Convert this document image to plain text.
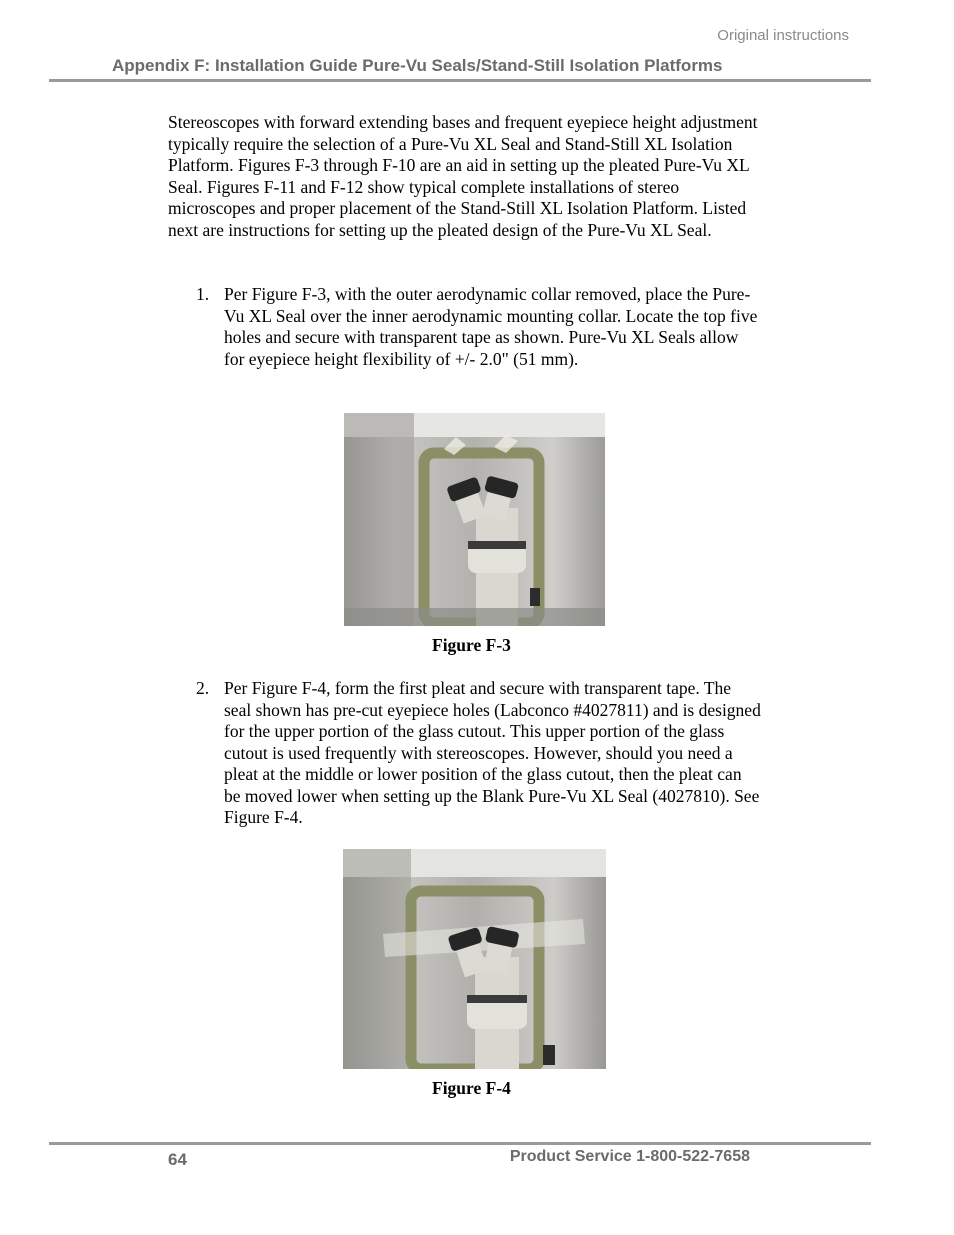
Original instructions
Appendix F: Installation Guide Pure-Vu Seals/Stand-Still Isolation Platforms
Stereoscopes with forward extending bases and frequent eyepiece height adjustment typically require the selection of a Pure-Vu XL Seal and Stand-Still XL Isolation Platform. Figures F-3 through F-10 are an aid in setting up the pleated Pure-Vu XL Seal. Figures F-11 and F-12 show typical complete installations of stereo microscopes and proper placement of the Stand-Still XL Isolation Platform. Listed next are instructions for setting up the pleated design of the Pure-Vu XL Seal.
1. Per Figure F-3, with the outer aerodynamic collar removed, place the Pure-Vu XL Seal over the inner aerodynamic mounting collar. Locate the top five holes and secure with transparent tape as shown. Pure-Vu XL Seals allow for eyepiece height flexibility of +/- 2.0" (51 mm).
Figure F-3
2. Per Figure F-4, form the first pleat and secure with transparent tape. The seal shown has pre-cut eyepiece holes (Labconco #4027811) and is designed for the upper portion of the glass cutout. This upper portion of the glass cutout is used frequently with stereoscopes. However, should you need a pleat at the middle or lower position of the glass cutout, then the pleat can be moved lower when setting up the Blank Pure-Vu XL Seal (4027810). See Figure F-4.
Figure F-4
64	Product Service 1-800-522-7658
